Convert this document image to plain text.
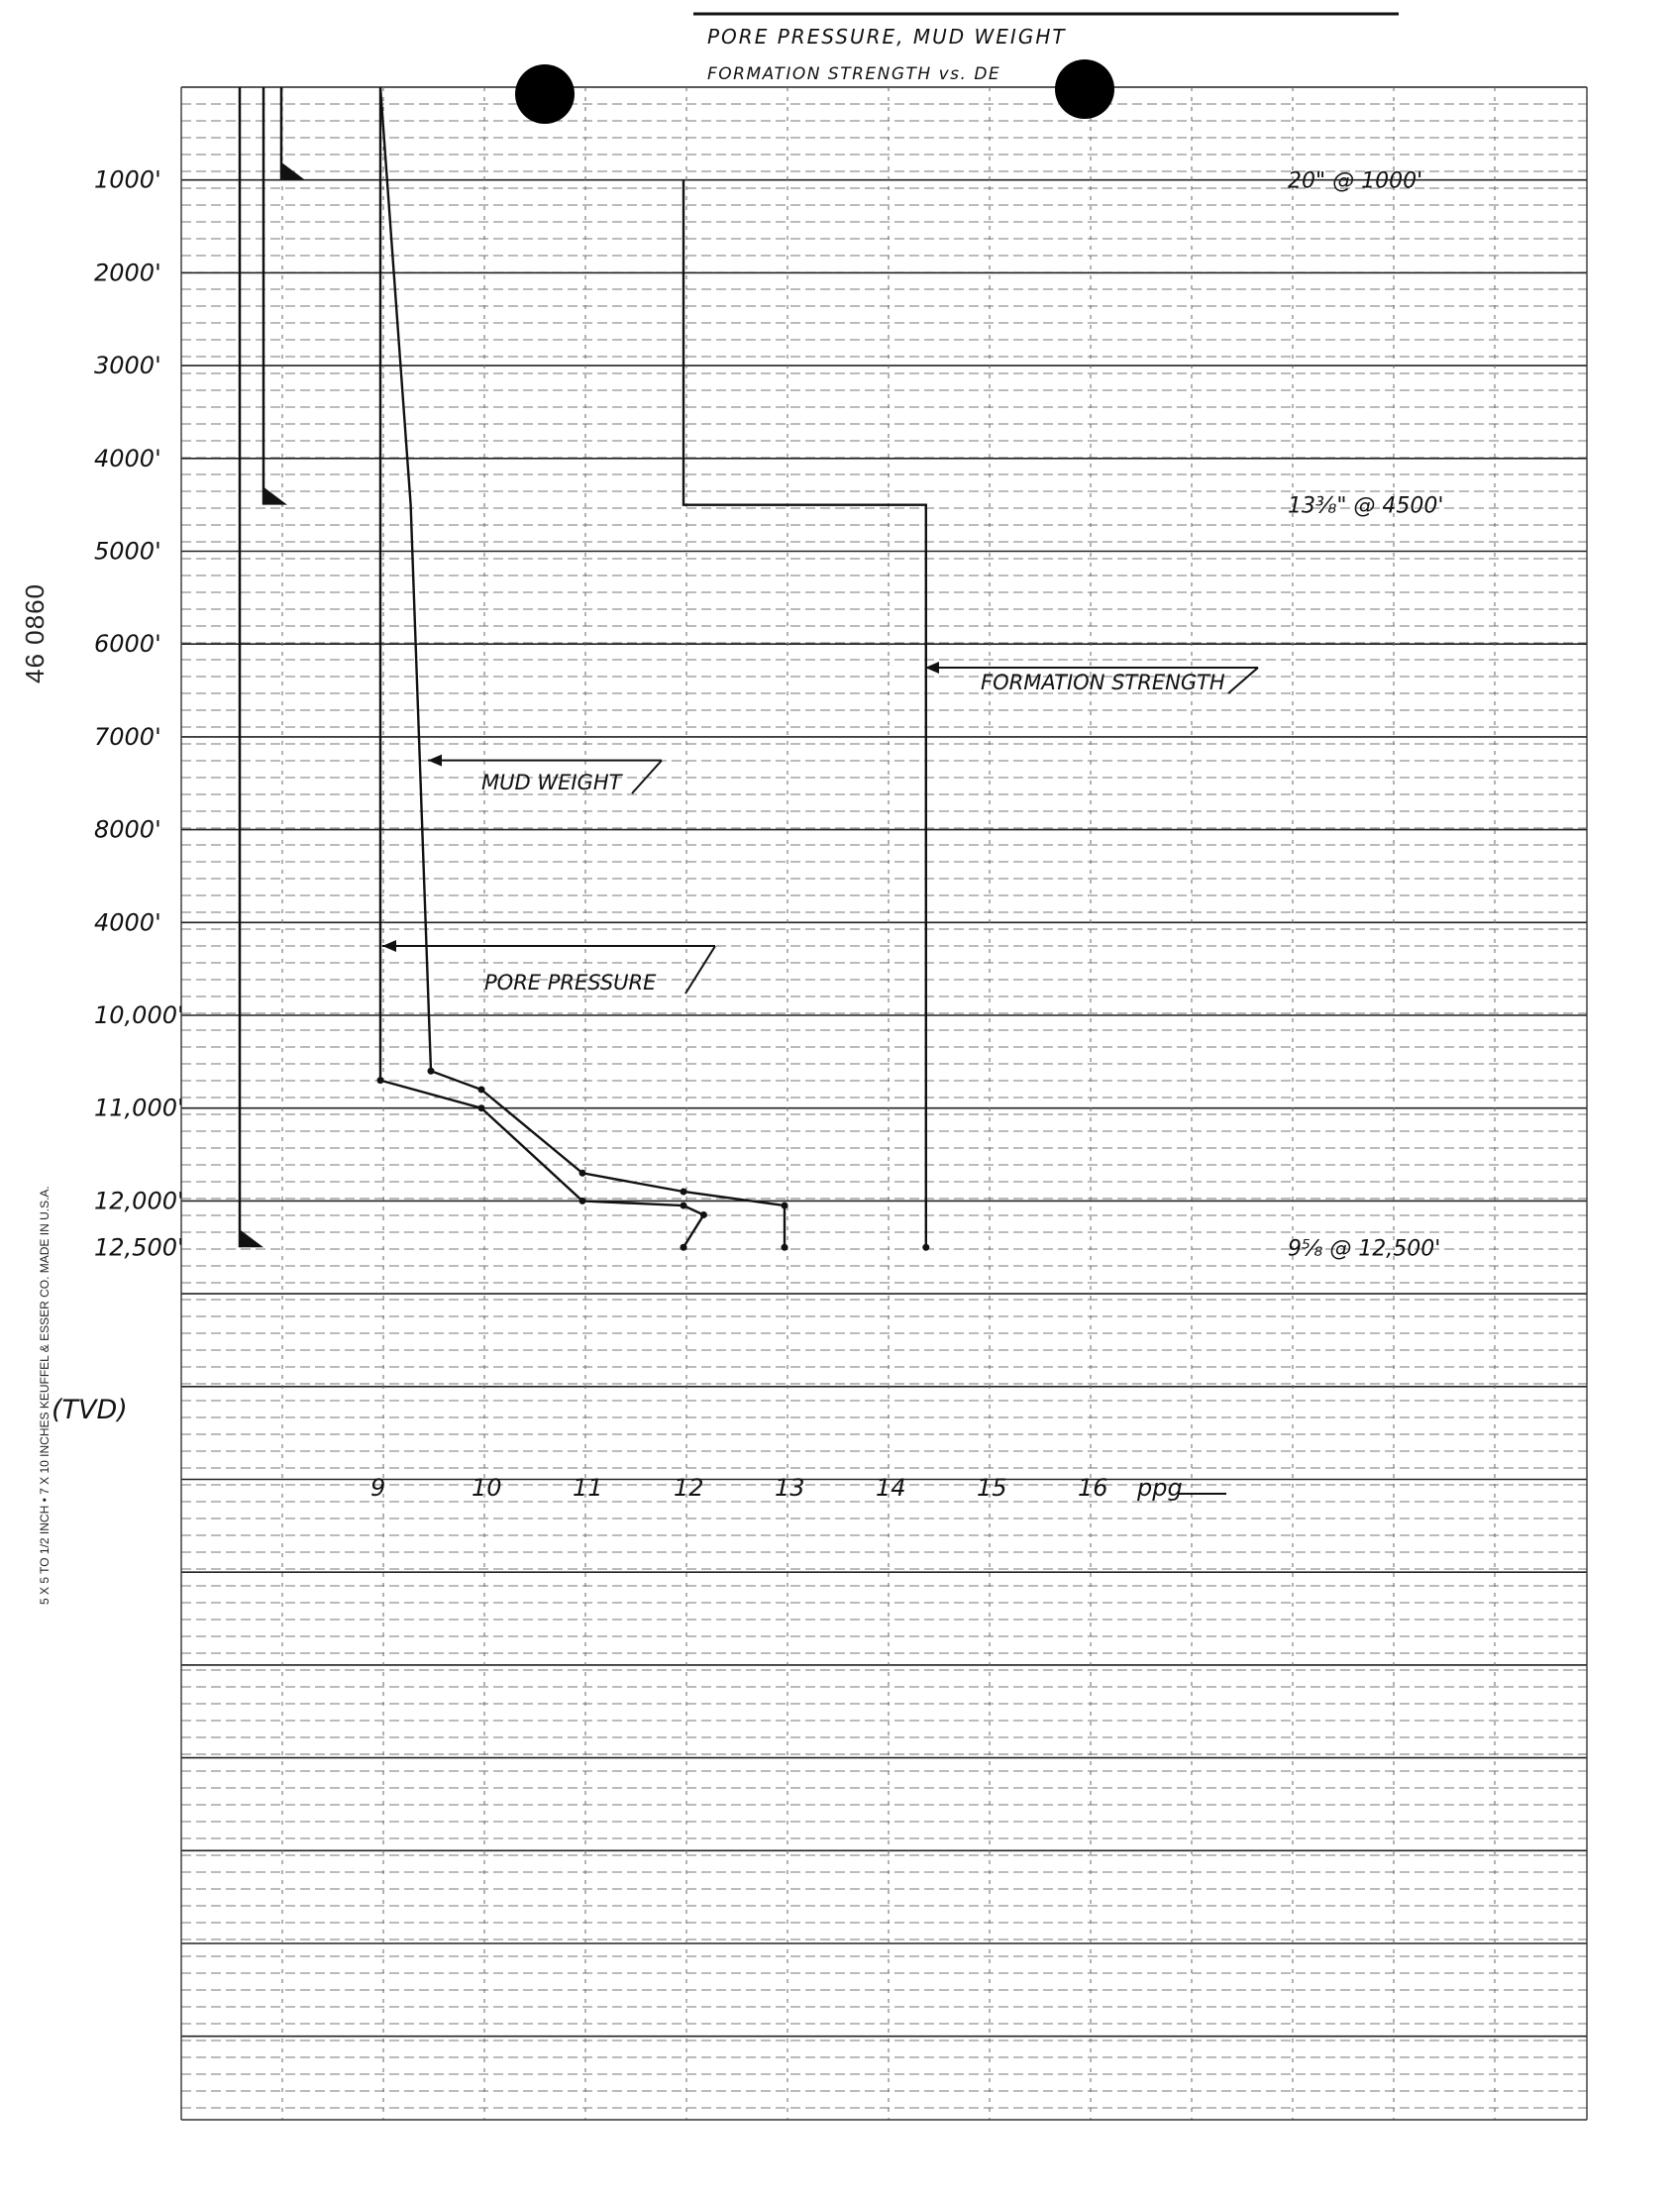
PORE PRESSURE, MUD WEIGHT
FORMATION STRENGTH vs. DE
1000'
2000'
3000'
4000'
5000'
6000'
7000'
8000'
4000'
10,000'
11,000'
12,000'
12,500'
9	10	11	12	13	14	15	16
20" @ 1000'
13⅜" @ 4500'
9⅝ @ 12,500'
FORMATION STRENGTH
MUD WEIGHT
PORE PRESSURE
(TVD)
ppg
46 0860
5 X 5 TO 1/2 INCH • 7 X 10 INCHES KEUFFEL & ESSER CO. MADE IN U.S.A.
